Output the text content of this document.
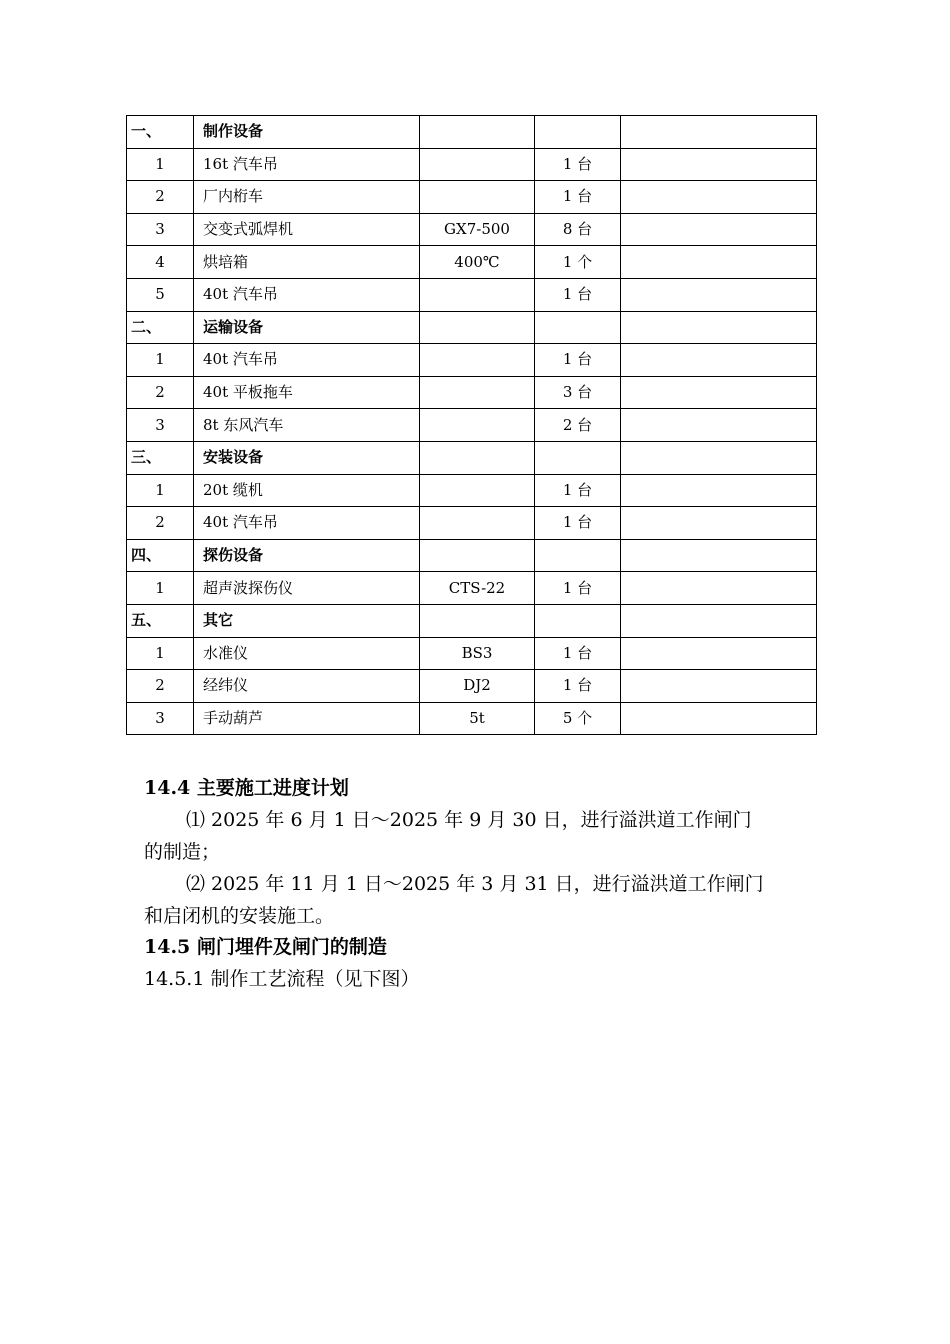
一、	制作设备			
1	16t 汽车吊		1 台	
2	厂内桁车		1 台	
3	交变式弧焊机	GX7-500	8 台	
4	烘培箱	400℃	1 个	
5	40t 汽车吊		1 台	
二、	运输设备			
1	40t 汽车吊		1 台	
2	40t 平板拖车		3 台	
3	8t 东风汽车		2 台	
三、	安装设备			
1	20t 缆机		1 台	
2	40t 汽车吊		1 台	
四、	探伤设备			
1	超声波探伤仪	CTS-22	1 台	
五、	其它			
1	水准仪	BS3	1 台	
2	经纬仪	DJ2	1 台	
3	手动葫芦	5t	5 个	
14.4 主要施工进度计划
⑴ 2025 年 6 月 1 日～2025 年 9 月 30 日，进行溢洪道工作闸门
的制造；
⑵ 2025 年 11 月 1 日～2025 年 3 月 31 日，进行溢洪道工作闸门
和启闭机的安装施工。
14.5 闸门埋件及闸门的制造
14.5.1 制作工艺流程（见下图）
